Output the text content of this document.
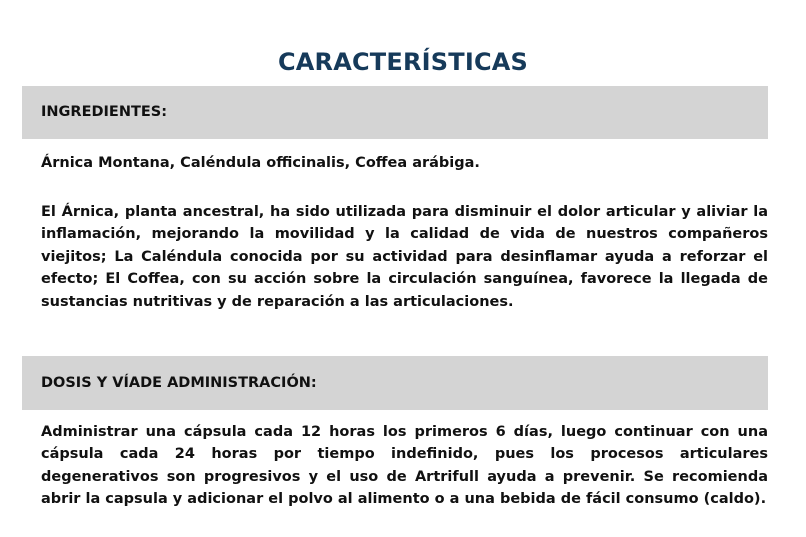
CARACTERÍSTICAS
INGREDIENTES:

Árnica Montana, Caléndula officinalis, Coffea arábiga.

El Árnica, planta ancestral, ha sido utilizada para disminuir el dolor articular y aliviar la inflamación, mejorando la movilidad y la calidad de vida de nuestros compañeros viejitos; La Caléndula conocida por su actividad para desinflamar ayuda a reforzar el efecto; El Coffea, con su acción sobre la circulación sanguínea, favorece la llegada de sustancias nutritivas y de reparación a las articulaciones.

DOSIS Y VÍADE ADMINISTRACIÓN:

Administrar una cápsula cada 12 horas los primeros 6 días, luego continuar con una cápsula cada 24 horas por tiempo indefinido, pues los procesos articulares degenerativos son progresivos y el uso de Artrifull ayuda a prevenir. Se recomienda abrir la capsula y adicionar el polvo al alimento o a una bebida de fácil consumo (caldo).
